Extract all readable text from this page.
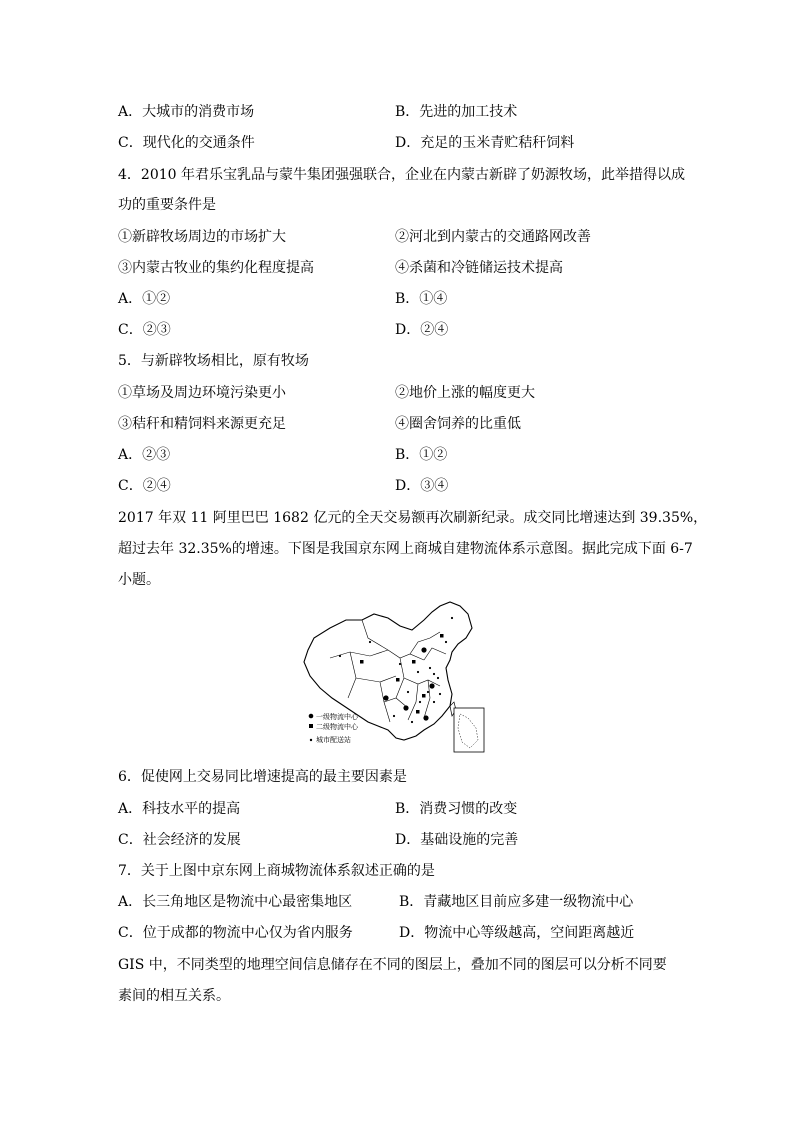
A．大城市的消费市场	B．先进的加工技术
C．现代化的交通条件	D．充足的玉米青贮秸秆饲料
4．2010 年君乐宝乳品与蒙牛集团强强联合，企业在内蒙古新辟了奶源牧场，此举措得以成
功的重要条件是
①新辟牧场周边的市场扩大	②河北到内蒙古的交通路网改善
③内蒙古牧业的集约化程度提高	④杀菌和冷链储运技术提高
A．①②	B．①④
C．②③	D．②④
5．与新辟牧场相比，原有牧场
①草场及周边环境污染更小	②地价上涨的幅度更大
③秸秆和精饲料来源更充足	④圈舍饲养的比重低
A．②③	B．①②
C．②④	D．③④
2017 年双 11 阿里巴巴 1682 亿元的全天交易额再次刷新纪录。成交同比增速达到 39.35%，
超过去年 32.35%的增速。下图是我国京东网上商城自建物流体系示意图。据此完成下面 6-7
小题。
一级物流中心
二级物流中心
城市配送站
6．促使网上交易同比增速提高的最主要因素是
A．科技水平的提高	B．消费习惯的改变
C．社会经济的发展	D．基础设施的完善
7．关于上图中京东网上商城物流体系叙述正确的是
A．长三角地区是物流中心最密集地区	B．青藏地区目前应多建一级物流中心
C．位于成都的物流中心仅为省内服务	D．物流中心等级越高，空间距离越近
GIS 中，不同类型的地理空间信息储存在不同的图层上，叠加不同的图层可以分析不同要
素间的相互关系。
